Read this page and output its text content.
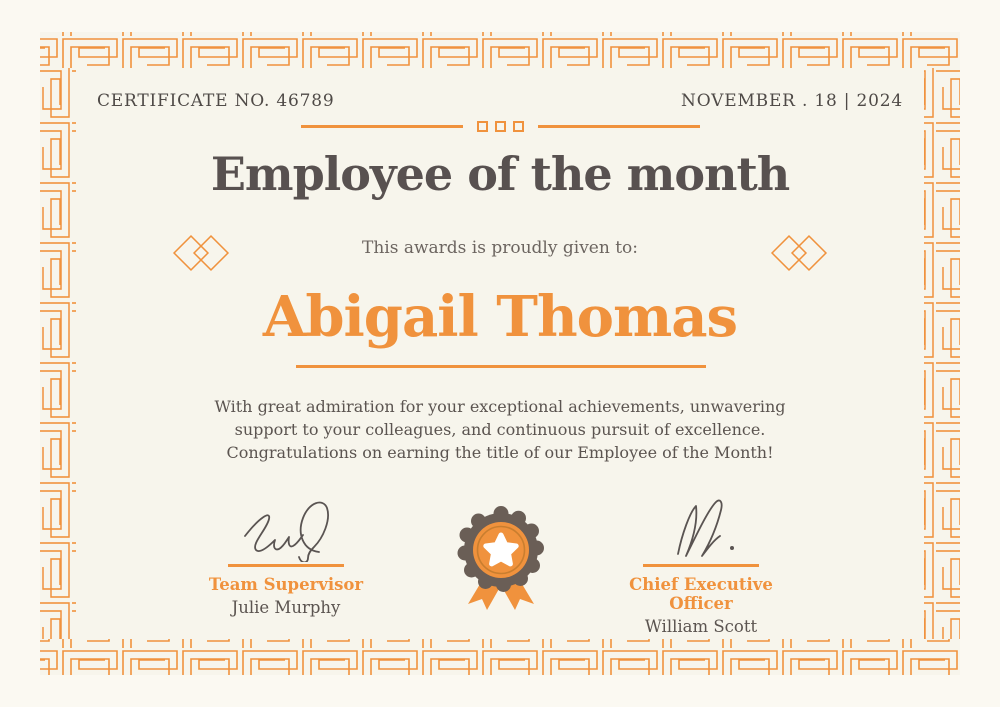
CERTIFICATE NO. 46789	NOVEMBER . 18 | 2024
Employee of the month
This awards is proudly given to:
Abigail Thomas
With great admiration for your exceptional achievements, unwavering
support to your colleagues, and continuous pursuit of excellence.
Congratulations on earning the title of our Employee of the Month!
Team Supervisor
Julie Murphy
Chief Executive Officer
William Scott
